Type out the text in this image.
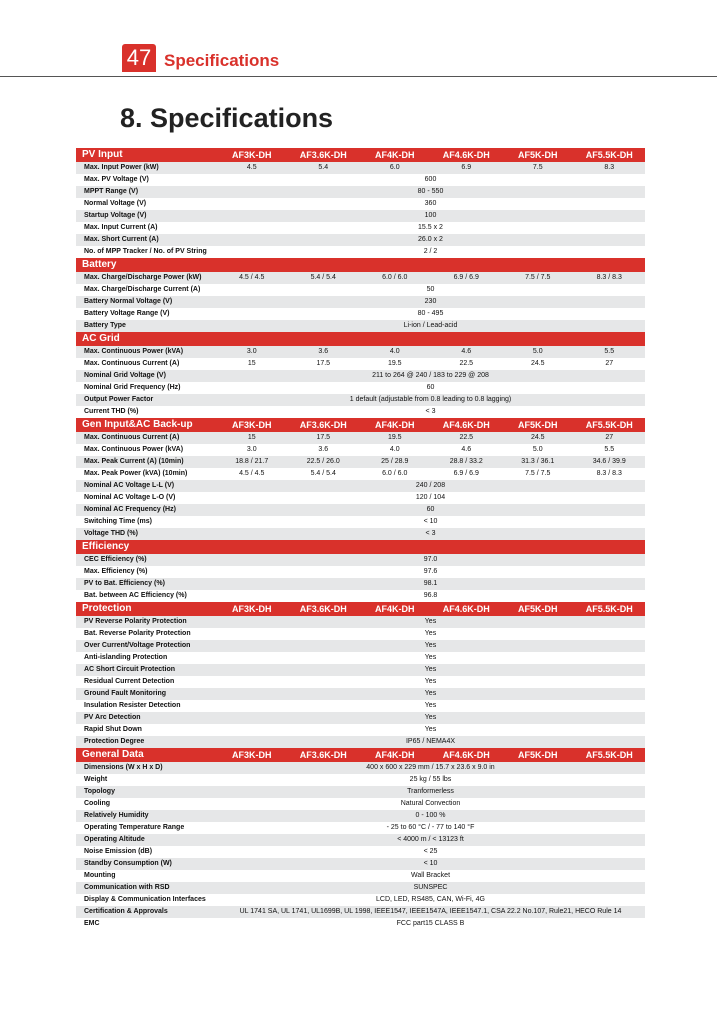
47 Specifications
8. Specifications
PV Input	AF3K-DH	AF3.6K-DH	AF4K-DH	AF4.6K-DH	AF5K-DH	AF5.5K-DH
Max. Input Power (kW)	4.5	5.4	6.0	6.9	7.5	8.3
Max. PV Voltage (V)	600					
MPPT Range (V)	80 - 550					
Normal Voltage (V)	360					
Startup Voltage (V)	100					
Max. Input Current (A)	15.5 x 2					
Max. Short Current (A)	26.0 x 2					
No. of MPP Tracker / No. of PV String	2 / 2					
Battery						
Max. Charge/Discharge Power (kW)	4.5 / 4.5	5.4 / 5.4	6.0 / 6.0	6.9 / 6.9	7.5 / 7.5	8.3 / 8.3
Max. Charge/Discharge Current (A)	50					
Battery Normal Voltage (V)	230					
Battery Voltage Range (V)	80 - 495					
Battery Type	Li-ion / Lead-acid					
AC Grid						
Max. Continuous Power (kVA)	3.0	3.6	4.0	4.6	5.0	5.5
Max. Continuous Current (A)	15	17.5	19.5	22.5	24.5	27
Nominal Grid Voltage (V)	211 to 264 @ 240 / 183 to 229 @ 208					
Nominal Grid Frequency (Hz)	60					
Output Power Factor	1 default (adjustable from 0.8 leading to 0.8 lagging)					
Current THD (%)	< 3					
Gen Input&AC Back-up	AF3K-DH	AF3.6K-DH	AF4K-DH	AF4.6K-DH	AF5K-DH	AF5.5K-DH
Max. Continuous Current (A)	15	17.5	19.5	22.5	24.5	27
Max. Continuous Power (kVA)	3.0	3.6	4.0	4.6	5.0	5.5
Max. Peak Current (A) (10min)	18.8 / 21.7	22.5 / 26.0	25 / 28.9	28.8 / 33.2	31.3 / 36.1	34.6 / 39.9
Max. Peak Power (kVA) (10min)	4.5 / 4.5	5.4 / 5.4	6.0 / 6.0	6.9 / 6.9	7.5 / 7.5	8.3 / 8.3
Nominal AC Voltage L-L (V)	240 / 208					
Nominal AC Voltage L-O (V)	120 / 104					
Nominal AC Frequency (Hz)	60					
Switching Time (ms)	< 10					
Voltage THD (%)	< 3					
Efficiency						
CEC Efficiency (%)	97.0					
Max. Efficiency (%)	97.6					
PV to Bat. Efficiency (%)	98.1					
Bat. between AC Efficiency (%)	96.8					
Protection	AF3K-DH	AF3.6K-DH	AF4K-DH	AF4.6K-DH	AF5K-DH	AF5.5K-DH
PV Reverse Polarity Protection	Yes					
Bat. Reverse Polarity Protection	Yes					
Over Current/Voltage Protection	Yes					
Anti-islanding Protection	Yes					
AC Short Circuit Protection	Yes					
Residual Current Detection	Yes					
Ground Fault Monitoring	Yes					
Insulation Resister Detection	Yes					
PV Arc Detection	Yes					
Rapid Shut Down	Yes					
Protection Degree	IP65 / NEMA4X					
General Data	AF3K-DH	AF3.6K-DH	AF4K-DH	AF4.6K-DH	AF5K-DH	AF5.5K-DH
Dimensions (W x H x D)	400 x 600 x 229 mm / 15.7 x 23.6 x 9.0 in					
Weight	25 kg / 55 lbs					
Topology	Tranformerless					
Cooling	Natural Convection					
Relatively Humidity	0 - 100 %					
Operating Temperature Range	- 25 to 60 °C / - 77 to 140 °F					
Operating Altitude	< 4000 m / < 13123 ft					
Noise Emission (dB)	< 25					
Standby Consumption (W)	< 10					
Mounting	Wall Bracket					
Communication with RSD	SUNSPEC					
Display & Communication Interfaces	LCD, LED, RS485, CAN, Wi-Fi, 4G					
Certification & Approvals	UL 1741 SA, UL 1741, UL1699B, UL 1998, IEEE1547, IEEE1547A, IEEE1547.1, CSA 22.2 No.107, Rule21, HECO Rule 14					
EMC	FCC part15 CLASS B					
